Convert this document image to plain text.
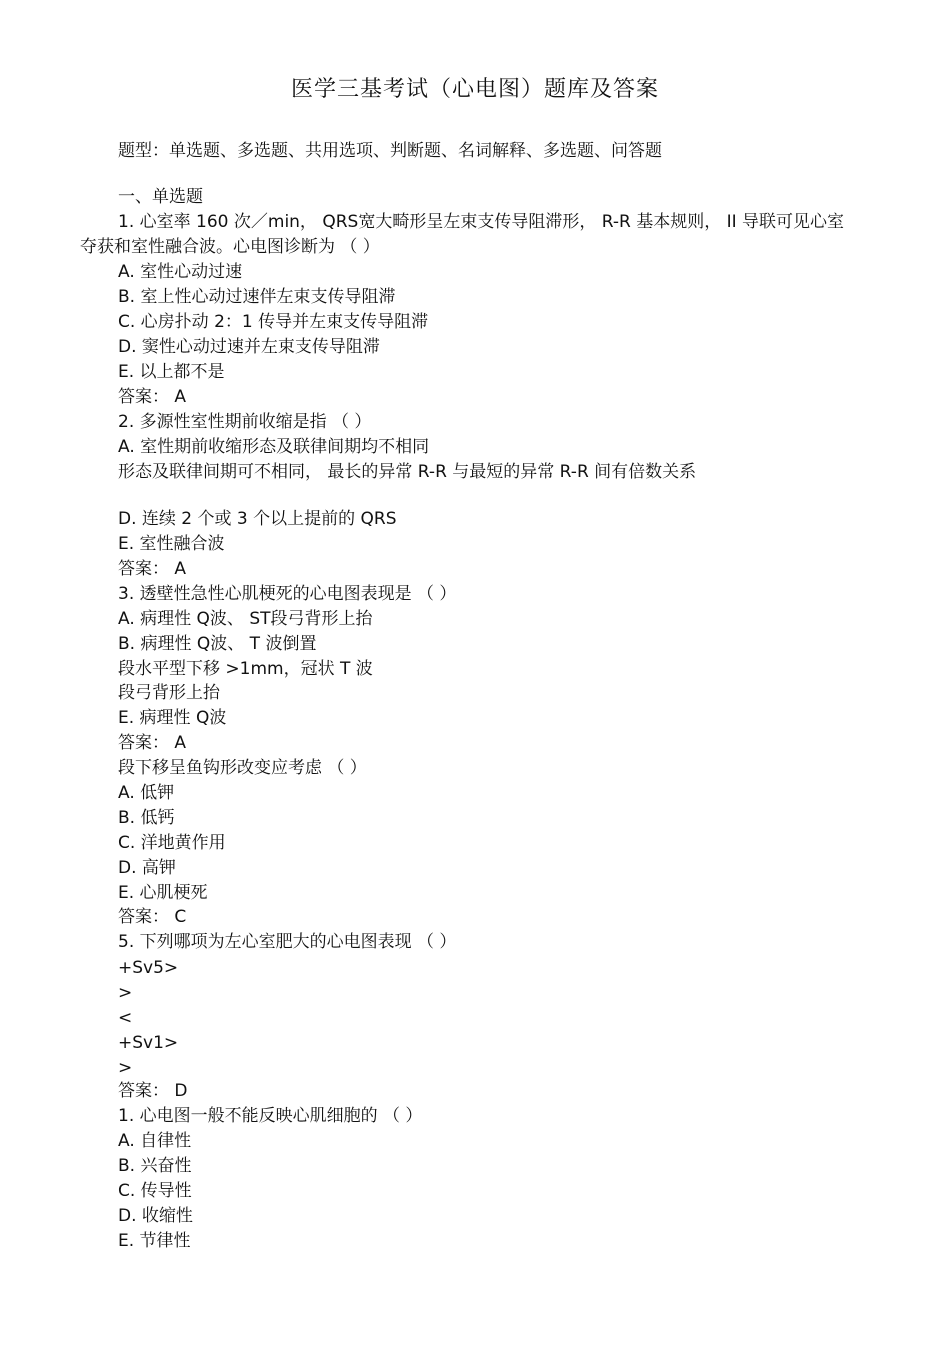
医学三基考试（心电图）题库及答案
题型：单选题、多选题、共用选项、判断题、名词解释、多选题、问答题
一、单选题
1. 心室率 160 次／min， QRS宽大畸形呈左束支传导阻滞形， R-R 基本规则， II 导联可见心室
夺获和室性融合波。心电图诊断为 （ ）
A. 室性心动过速
B. 室上性心动过速伴左束支传导阻滞
C. 心房扑动 2：1 传导并左束支传导阻滞
D. 窦性心动过速并左束支传导阻滞
E. 以上都不是
答案： A
2. 多源性室性期前收缩是指 （ ）
A. 室性期前收缩形态及联律间期均不相同
形态及联律间期可不相同， 最长的异常 R-R 与最短的异常 R-R 间有倍数关系
D. 连续 2 个或 3 个以上提前的 QRS
E. 室性融合波
答案： A
3. 透壁性急性心肌梗死的心电图表现是 （ ）
A. 病理性 Q波、 ST段弓背形上抬
B. 病理性 Q波、 T 波倒置
段水平型下移 >1mm，冠状 T 波
段弓背形上抬
E. 病理性 Q波
答案： A
段下移呈鱼钩形改变应考虑 （ ）
A. 低钾
B. 低钙
C. 洋地黄作用
D. 高钾
E. 心肌梗死
答案： C
5. 下列哪项为左心室肥大的心电图表现 （ ）
+Sv5>
>
<
+Sv1>
>
答案： D
1. 心电图一般不能反映心肌细胞的 （ ）
A. 自律性
B. 兴奋性
C. 传导性
D. 收缩性
E. 节律性
